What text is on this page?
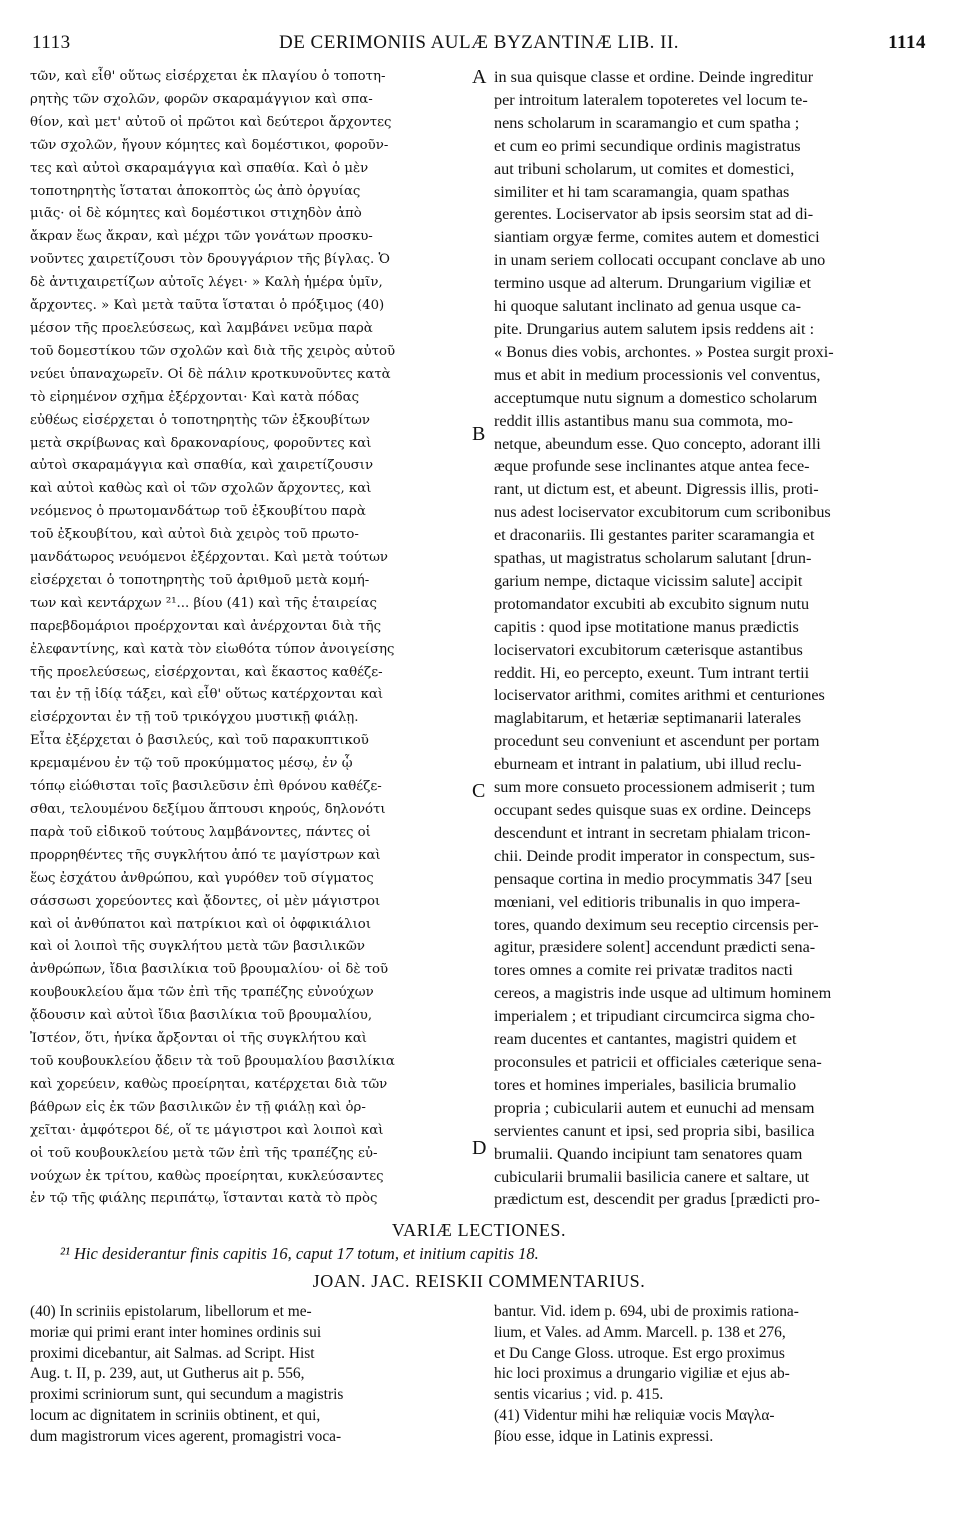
1113	DE CERIMONIIS AULÆ BYZANTINÆ LIB. II.	1114
τῶν, καὶ εἶθ' οὕτως εἰσέρχεται ἐκ πλαγίου ὁ τοποτη-
ρητὴς τῶν σχολῶν, φορῶν σκαραμάγγιον καὶ σπα-
θίον, καὶ μετ' αὐτοῦ οἱ πρῶτοι καὶ δεύτεροι ἄρχοντες
τῶν σχολῶν, ἤγουν κόμητες καὶ δομέστικοι, φοροῦν-
τες καὶ αὐτοὶ σκαραμάγγια καὶ σπαθία. Καὶ ὁ μὲν
τοποτηρητὴς ἵσταται ἀποκοπτὸς ὡς ἀπὸ ὀργυίας
μιᾶς· οἱ δὲ κόμητες καὶ δομέστικοι στιχηδὸν ἀπὸ
ἄκραν ἕως ἄκραν, καὶ μέχρι τῶν γονάτων προσκυ-
νοῦντες χαιρετίζουσι τὸν δρουγγάριον τῆς βίγλας. Ὁ
δὲ ἀντιχαιρετίζων αὐτοῖς λέγει· » Καλὴ ἡμέρα ὑμῖν,
ἄρχοντες. » Καὶ μετὰ ταῦτα ἵσταται ὁ πρόξιμος (40)
μέσον τῆς προελεύσεως, καὶ λαμβάνει νεῦμα παρὰ
τοῦ δομεστίκου τῶν σχολῶν καὶ διὰ τῆς χειρὸς αὐτοῦ
νεύει ὑπαναχωρεῖν. Οἱ δὲ πάλιν κροτκυνοῦντες κατὰ
τὸ εἰρημένον σχῆμα ἐξέρχονται· Καὶ κατὰ πόδας
εὐθέως εἰσέρχεται ὁ τοποτηρητὴς τῶν ἐξκουβίτων
μετὰ σκρίβωνας καὶ δρακοναρίους, φοροῦντες καὶ
αὐτοὶ σκαραμάγγια καὶ σπαθία, καὶ χαιρετίζουσιν
καὶ αὐτοὶ καθὼς καὶ οἱ τῶν σχολῶν ἄρχοντες, καὶ
νεόμενος ὁ πρωτομανδάτωρ τοῦ ἐξκουβίτου παρὰ
τοῦ ἐξκουβίτου, καὶ αὐτοὶ διὰ χειρὸς τοῦ πρωτο-
μανδάτωρος νευόμενοι ἐξέρχονται. Καὶ μετὰ τούτων
εἰσέρχεται ὁ τοποτηρητὴς τοῦ ἀριθμοῦ μετὰ κομή-
των καὶ κεντάρχων ²¹... βίου (41) καὶ τῆς ἑταιρείας
παρεβδομάριοι προέρχονται καὶ ἀνέρχονται διὰ τῆς
ἐλεφαντίνης, καὶ κατὰ τὸν εἰωθότα τύπον ἀνοιγείσης
τῆς προελεύσεως, εἰσέρχονται, καὶ ἕκαστος καθέζε-
ται ἐν τῇ ἰδίᾳ τάξει, καὶ εἶθ' οὕτως κατέρχονται καὶ
εἰσέρχονται ἐν τῇ τοῦ τρικόγχου μυστικῇ φιάλῃ.
Εἶτα ἐξέρχεται ὁ βασιλεύς, καὶ τοῦ παρακυπτικοῦ
κρεμαμένου ἐν τῷ τοῦ προκύμματος μέσῳ, ἐν ᾧ
τόπῳ εἰώθισται τοῖς βασιλεῦσιν ἐπὶ θρόνου καθέζε-
σθαι, τελουμένου δεξίμου ἅπτουσι κηρούς, δηλονότι
παρὰ τοῦ εἰδικοῦ τούτους λαμβάνοντες, πάντες οἱ
προρρηθέντες τῆς συγκλήτου ἀπό τε μαγίστρων καὶ
ἕως ἐσχάτου ἀνθρώπου, καὶ γυρόθεν τοῦ σίγματος
σάσσωσι χορεύοντες καὶ ᾄδοντες, οἱ μὲν μάγιστροι
καὶ οἱ ἀνθύπατοι καὶ πατρίκιοι καὶ οἱ ὀφφικιάλιοι
καὶ οἱ λοιποὶ τῆς συγκλήτου μετὰ τῶν βασιλικῶν
ἀνθρώπων, ἴδια βασιλίκια τοῦ βρουμαλίου· οἱ δὲ τοῦ
κουβουκλείου ἅμα τῶν ἐπὶ τῆς τραπέζης εὐνούχων
ᾄδουσιν καὶ αὐτοὶ ἴδια βασιλίκια τοῦ βρουμαλίου,
Ἰστέον, ὅτι, ἡνίκα ἄρξονται οἱ τῆς συγκλήτου καὶ
τοῦ κουβουκλείου ᾄδειν τὰ τοῦ βρουμαλίου βασιλίκια
καὶ χορεύειν, καθὼς προείρηται, κατέρχεται διὰ τῶν
βάθρων εἰς ἐκ τῶν βασιλικῶν ἐν τῇ φιάλῃ καὶ ὀρ-
χεῖται· ἀμφότεροι δέ, οἵ τε μάγιστροι καὶ λοιποὶ καὶ
οἱ τοῦ κουβουκλείου μετὰ τῶν ἐπὶ τῆς τραπέζης εὐ-
νούχων ἐκ τρίτου, καθὼς προείρηται, κυκλεύσαντες
ἐν τῷ τῆς φιάλης περιπάτῳ, ἵστανται κατὰ τὸ πρὸς
in sua quisque classe et ordine. Deinde ingreditur
per introitum lateralem topoteretes vel locum te-
nens scholarum in scaramangio et cum spatha ;
et cum eo primi secundique ordinis magistratus
aut tribuni scholarum, ut comites et domestici,
similiter et hi tam scaramangia, quam spathas
gerentes. Lociservator ab ipsis seorsim stat ad di-
siantiam orgyæ ferme, comites autem et domestici
in unam seriem collocati occupant conclave ab uno
termino usque ad alterum. Drungarium vigiliæ et
hi quoque salutant inclinato ad genua usque ca-
pite. Drungarius autem salutem ipsis reddens ait :
« Bonus dies vobis, archontes. » Postea surgit proxi-
mus et abit in medium processionis vel conventus,
acceptumque nutu signum a domestico scholarum
reddit illis astantibus manu sua commota, mo-
netque, abeundum esse. Quo concepto, adorant illi
æque profunde sese inclinantes atque antea fece-
rant, ut dictum est, et abeunt. Digressis illis, proti-
nus adest lociservator excubitorum cum scribonibus
et draconariis. Ili gestantes pariter scaramangia et
spathas, ut magistratus scholarum salutant [drun-
garium nempe, dictaque vicissim salute] accipit
protomandator excubiti ab excubito signum nutu
capitis : quod ipse motitatione manus prædictis
lociservatori excubitorum cæterisque astantibus
reddit. Hi, eo percepto, exeunt. Tum intrant tertii
lociservator arithmi, comites arithmi et centuriones
maglabitarum, et hetæriæ septimanarii laterales
procedunt seu conveniunt et ascendunt per portam
eburneam et intrant in palatium, ubi illud reclu-
sum more consueto processionem admiserit ; tum
occupant sedes quisque suas ex ordine. Deinceps
descendunt et intrant in secretam phialam tricon-
chii. Deinde prodit imperator in conspectum, sus-
pensaque cortina in medio procymmatis 347 [seu
mœniani, vel editioris tribunalis in quo impera-
tores, quando deximum seu receptio circensis per-
agitur, præsidere solent] accendunt prædicti sena-
tores omnes a comite rei privatæ traditos nacti
cereos, a magistris inde usque ad ultimum hominem
imperialem ; et tripudiant circumcirca sigma cho-
ream ducentes et cantantes, magistri quidem et
proconsules et patricii et officiales cæterique sena-
tores et homines imperiales, basilicia brumalio
propria ; cubicularii autem et eunuchi ad mensam
servientes canunt et ipsi, sed propria sibi, basilica
brumalii. Quando incipiunt tam senatores quam
cubicularii brumalii basilicia canere et saltare, ut
prædictum est, descendit per gradus [prædicti pro-
A
B
C
D
VARIÆ LECTIONES.
²¹ Hic desiderantur finis capitis 16, caput 17 totum, et initium capitis 18.
JOAN. JAC. REISKII COMMENTARIUS.
(40) In scriniis epistolarum, libellorum et me-
moriæ qui primi erant inter homines ordinis sui
proximi dicebantur, ait Salmas. ad Script. Hist
Aug. t. II, p. 239, aut, ut Gutherus ait p. 556,
proximi scriniorum sunt, qui secundum a magistris
locum ac dignitatem in scriniis obtinent, et qui,
dum magistrorum vices agerent, promagistri voca-
bantur. Vid. idem p. 694, ubi de proximis rationa-
lium, et Vales. ad Amm. Marcell. p. 138 et 276,
et Du Cange Gloss. utroque. Est ergo proximus
hic loci proximus a drungario vigiliæ et ejus ab-
sentis vicarius ; vid. p. 415.
(41) Videntur mihi hæ reliquiæ vocis Μαγλα-
βίου esse, idque in Latinis expressi.
